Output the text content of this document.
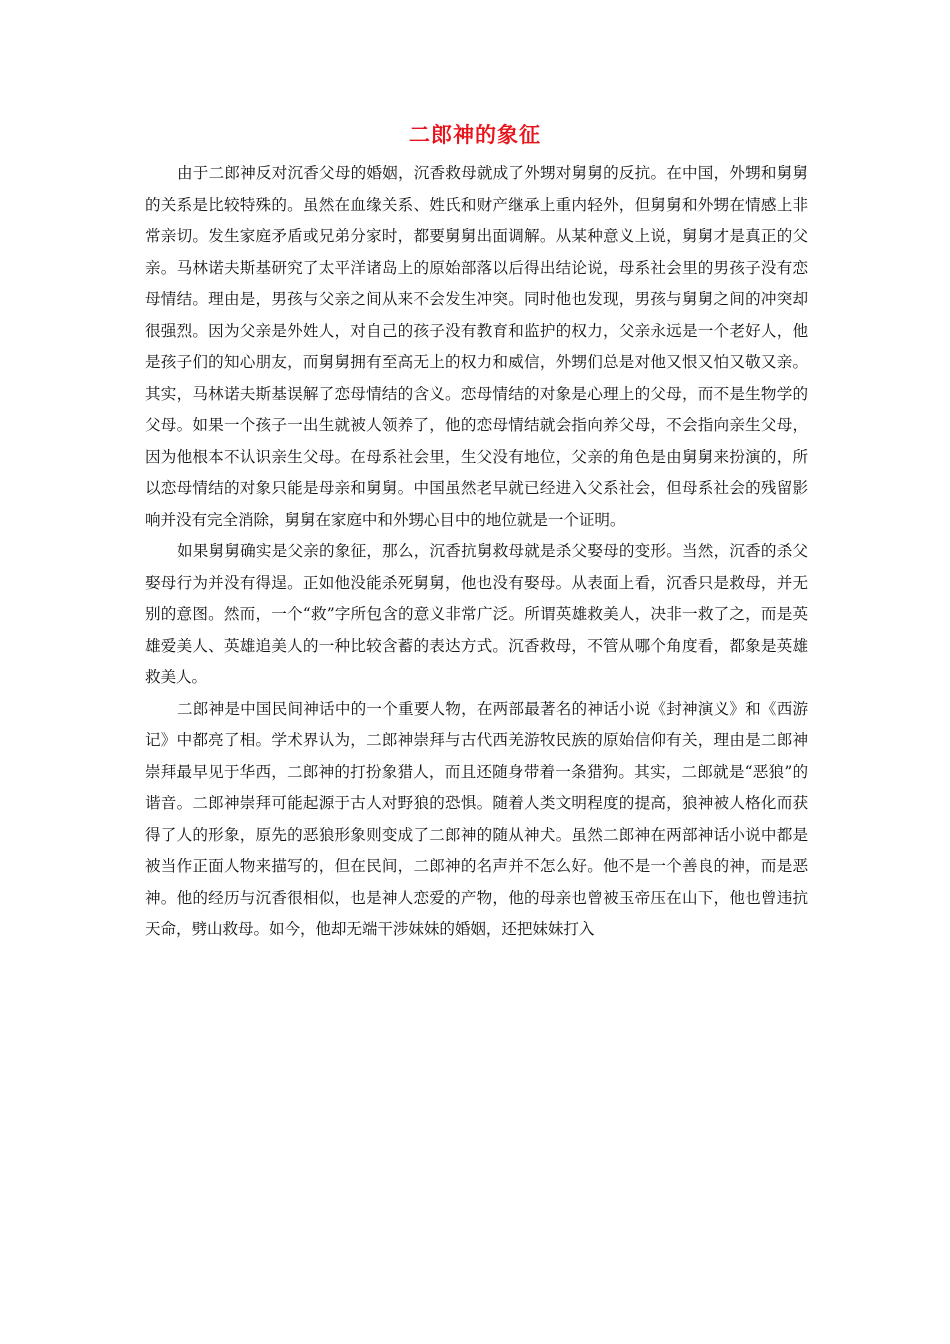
二郎神的象征

由于二郎神反对沉香父母的婚姻，沉香救母就成了外甥对舅舅的反抗。在中国，外甥和舅舅的关系是比较特殊的。虽然在血缘关系、姓氏和财产继承上重内轻外，但舅舅和外甥在情感上非常亲切。发生家庭矛盾或兄弟分家时，都要舅舅出面调解。从某种意义上说，舅舅才是真正的父亲。马林诺夫斯基研究了太平洋诸岛上的原始部落以后得出结论说，母系社会里的男孩子没有恋母情结。理由是，男孩与父亲之间从来不会发生冲突。同时他也发现，男孩与舅舅之间的冲突却很强烈。因为父亲是外姓人，对自己的孩子没有教育和监护的权力，父亲永远是一个老好人，他是孩子们的知心朋友，而舅舅拥有至高无上的权力和威信，外甥们总是对他又恨又怕又敬又亲。其实，马林诺夫斯基误解了恋母情结的含义。恋母情结的对象是心理上的父母，而不是生物学的父母。如果一个孩子一出生就被人领养了，他的恋母情结就会指向养父母，不会指向亲生父母，因为他根本不认识亲生父母。在母系社会里，生父没有地位，父亲的角色是由舅舅来扮演的，所以恋母情结的对象只能是母亲和舅舅。中国虽然老早就已经进入父系社会，但母系社会的残留影响并没有完全消除，舅舅在家庭中和外甥心目中的地位就是一个证明。

如果舅舅确实是父亲的象征，那么，沉香抗舅救母就是杀父娶母的变形。当然，沉香的杀父娶母行为并没有得逞。正如他没能杀死舅舅，他也没有娶母。从表面上看，沉香只是救母，并无别的意图。然而，一个“救”字所包含的意义非常广泛。所谓英雄救美人，决非一救了之，而是英雄爱美人、英雄追美人的一种比较含蓄的表达方式。沉香救母，不管从哪个角度看，都象是英雄救美人。

二郎神是中国民间神话中的一个重要人物，在两部最著名的神话小说《封神演义》和《西游记》中都亮了相。学术界认为，二郎神崇拜与古代西羌游牧民族的原始信仰有关，理由是二郎神崇拜最早见于华西，二郎神的打扮象猎人，而且还随身带着一条猎狗。其实，二郎就是“恶狼”的谐音。二郎神崇拜可能起源于古人对野狼的恐惧。随着人类文明程度的提高，狼神被人格化而获得了人的形象，原先的恶狼形象则变成了二郎神的随从神犬。虽然二郎神在两部神话小说中都是被当作正面人物来描写的，但在民间，二郎神的名声并不怎么好。他不是一个善良的神，而是恶神。他的经历与沉香很相似，也是神人恋爱的产物，他的母亲也曾被玉帝压在山下，他也曾违抗天命，劈山救母。如今，他却无端干涉妹妹的婚姻，还把妹妹打入
